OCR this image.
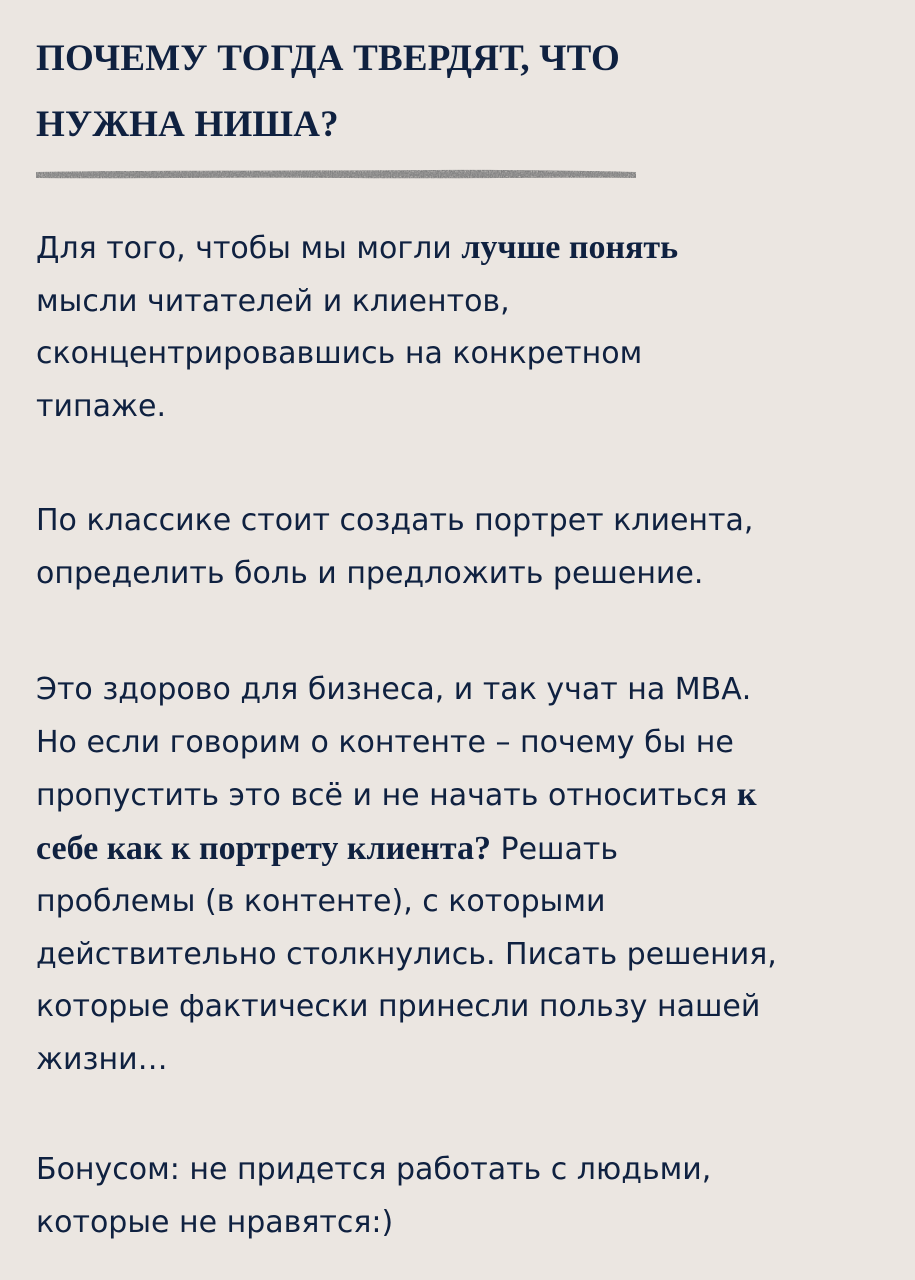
ПОЧЕМУ ТОГДА ТВЕРДЯТ, ЧТО
НУЖНА НИША?
Для того, чтобы мы могли лучше понять
мысли читателей и клиентов,
сконцентрировавшись на конкретном
типаже.
По классике стоит создать портрет клиента,
определить боль и предложить решение.
Это здорово для бизнеса, и так учат на МВА.
Но если говорим о контенте – почему бы не
пропустить это всё и не начать относиться к
себе как к портрету клиента? Решать
проблемы (в контенте), с которыми
действительно столкнулись. Писать решения,
которые фактически принесли пользу нашей
жизни…
Бонусом: не придется работать с людьми,
которые не нравятся:)
